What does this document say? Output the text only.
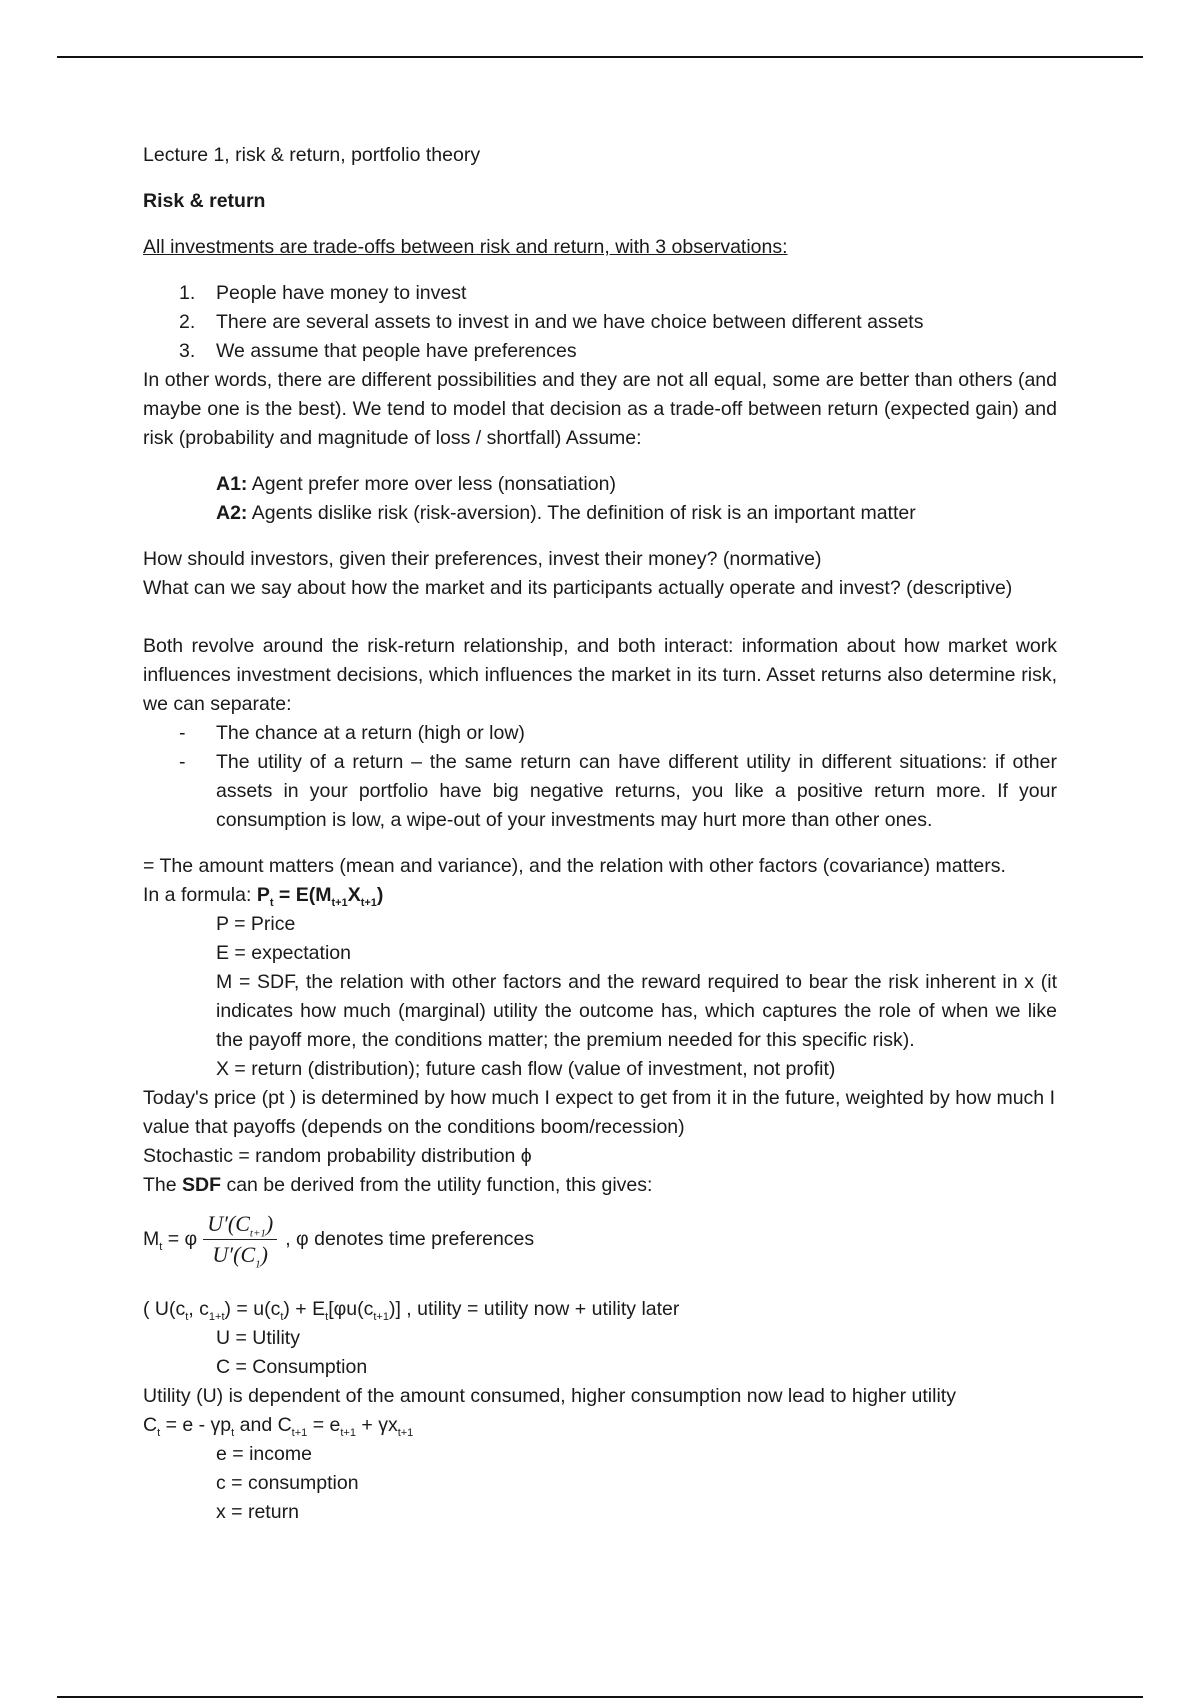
Lecture 1, risk & return, portfolio theory

Risk & return

All investments are trade-offs between risk and return, with 3 observations:

1. People have money to invest
2. There are several assets to invest in and we have choice between different assets
3. We assume that people have preferences

In other words, there are different possibilities and they are not all equal, some are better than others (and maybe one is the best). We tend to model that decision as a trade-off between return (expected gain) and risk (probability and magnitude of loss / shortfall) Assume:

A1: Agent prefer more over less (nonsatiation)

A2: Agents dislike risk (risk-aversion). The definition of risk is an important matter

How should investors, given their preferences, invest their money? (normative)

What can we say about how the market and its participants actually operate and invest? (descriptive)

Both revolve around the risk-return relationship, and both interact: information about how market work influences investment decisions, which influences the market in its turn. Asset returns also determine risk, we can separate:

- The chance at a return (high or low)
- The utility of a return – the same return can have different utility in different situations: if other assets in your portfolio have big negative returns, you like a positive return more. If your consumption is low, a wipe-out of your investments may hurt more than other ones.

= The amount matters (mean and variance), and the relation with other factors (covariance) matters.

In a formula: $P_t = E(M_{t+1}X_{t+1})$

P = Price

E = expectation

M = SDF, the relation with other factors and the reward required to bear the risk inherent in x (it indicates how much (marginal) utility the outcome has, which captures the role of when we like the payoff more, the conditions matter; the premium needed for this specific risk).

X = return (distribution); future cash flow (value of investment, not profit)

Today's price (pt ) is determined by how much I expect to get from it in the future, weighted by how much I value that payoffs (depends on the conditions boom/recession)

Stochastic = random probability distribution ϕ

The SDF can be derived from the utility function, this gives:

$M_t = \varphi \frac{U'(C_{t+1})}{U'(C_1)}$ , φ denotes time preferences

( $U(c_t$, $c_{1+t}) = u(c_t) + E_t[\varphi u(c_{t+1})]$ , utility = utility now + utility later

U = Utility

C = Consumption

Utility (U) is dependent of the amount consumed, higher consumption now lead to higher utility

$C_t = e - \gamma p_t$ and $C_{t+1} = e_{t+1} + \gamma x_{t+1}$

e = income

c = consumption

x = return
